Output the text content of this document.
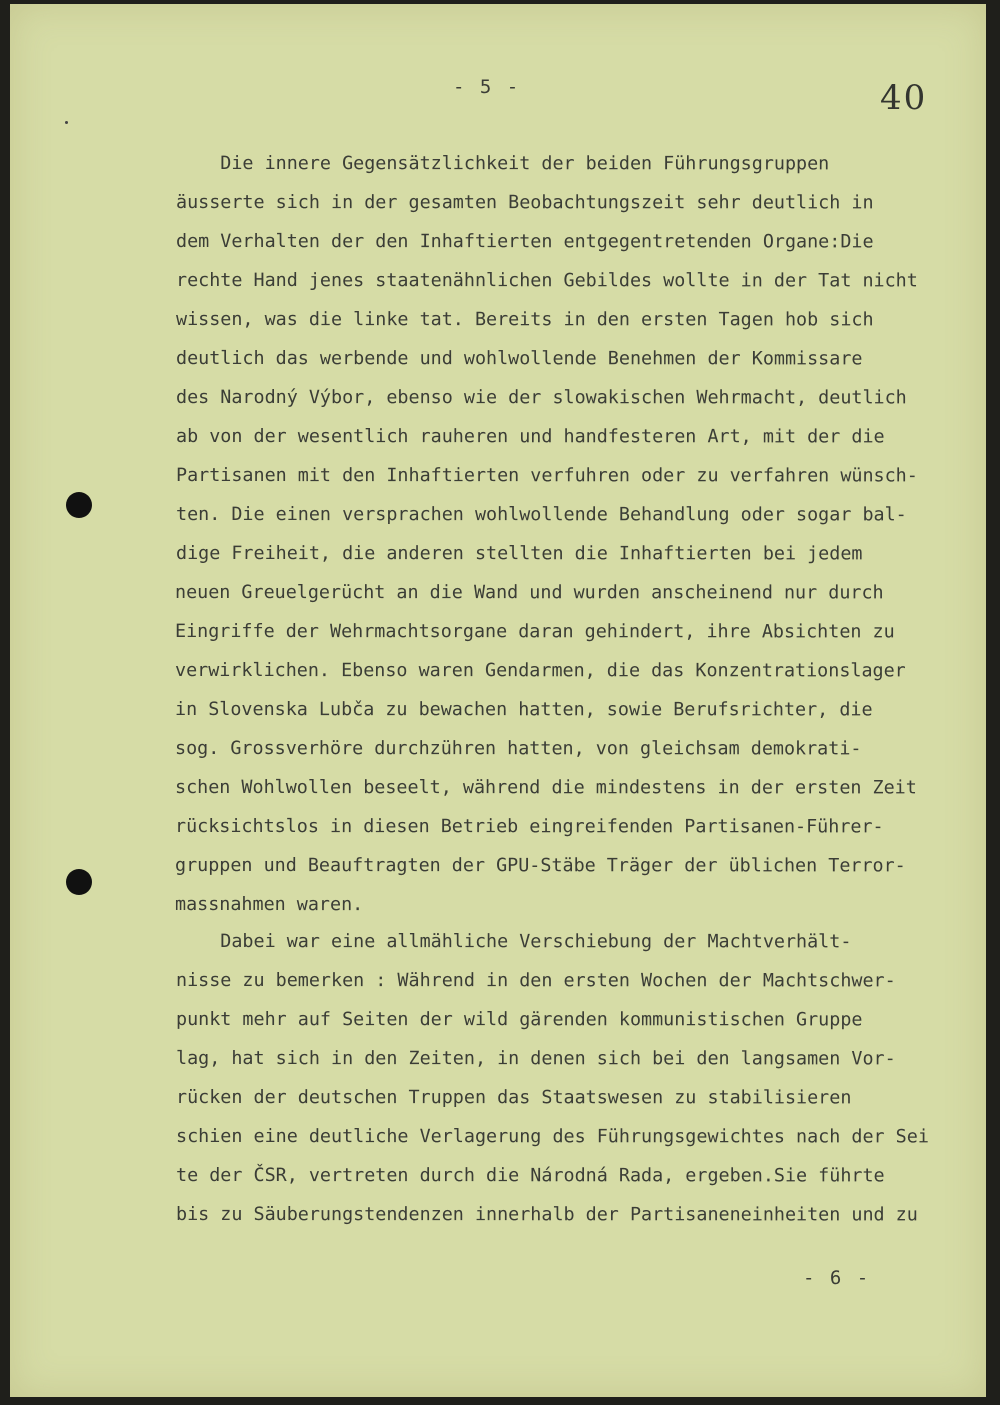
- 5 -	40
Die innere Gegensätzlichkeit der beiden Führungsgruppen
äusserte sich in der gesamten Beobachtungszeit sehr deutlich in
dem Verhalten der den Inhaftierten entgegentretenden Organe:Die
rechte Hand jenes staatenähnlichen Gebildes wollte in der Tat nicht
wissen, was die linke tat. Bereits in den ersten Tagen hob sich
deutlich das werbende und wohlwollende Benehmen der Kommissare
des Narodný Výbor, ebenso wie der slowakischen Wehrmacht, deutlich
ab von der wesentlich rauheren und handfesteren Art, mit der die
Partisanen mit den Inhaftierten verfuhren oder zu verfahren wünsch-
ten. Die einen versprachen wohlwollende Behandlung oder sogar bal-
dige Freiheit, die anderen stellten die Inhaftierten bei jedem
neuen Greuelgerücht an die Wand und wurden anscheinend nur durch
Eingriffe der Wehrmachtsorgane daran gehindert, ihre Absichten zu
verwirklichen. Ebenso waren Gendarmen, die das Konzentrationslager
in Slovenska Lubča zu bewachen hatten, sowie Berufsrichter, die
sog. Grossverhöre durchzühren hatten, von gleichsam demokrati-
schen Wohlwollen beseelt, während die mindestens in der ersten Zeit
rücksichtslos in diesen Betrieb eingreifenden Partisanen-Führer-
gruppen und Beauftragten der GPU-Stäbe Träger der üblichen Terror-
massnahmen waren.
Dabei war eine allmähliche Verschiebung der Machtverhält-
nisse zu bemerken : Während in den ersten Wochen der Machtschwer-
punkt mehr auf Seiten der wild gärenden kommunistischen Gruppe
lag, hat sich in den Zeiten, in denen sich bei den langsamen Vor-
rücken der deutschen Truppen das Staatswesen zu stabilisieren
schien eine deutliche Verlagerung des Führungsgewichtes nach der Sei
te der ČSR, vertreten durch die Národná Rada, ergeben.Sie führte
bis zu Säuberungstendenzen innerhalb der Partisaneneinheiten und zu
- 6 -
